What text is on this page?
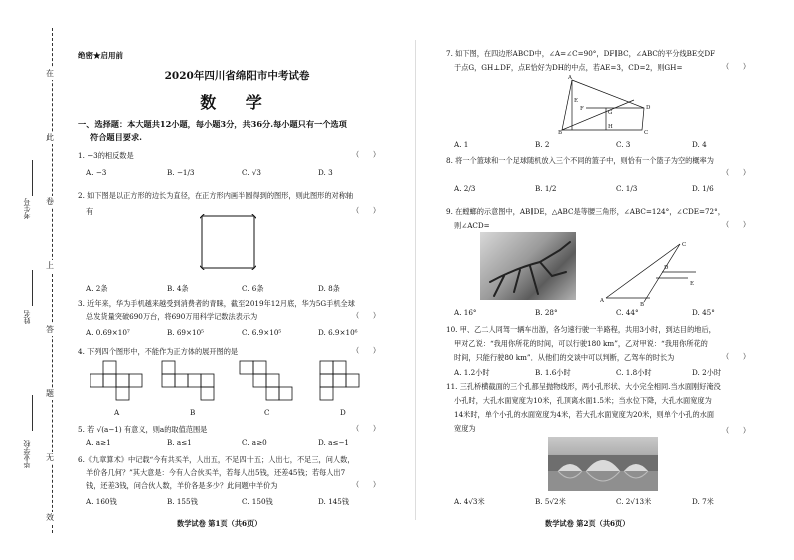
在
此
卷
上
答
题
无
效
考生号
姓名
毕业学校
绝密★启用前
2020年四川省绵阳市中考试卷
数 学
一、选择题：本大题共12小题，每小题3分，共36分.每小题只有一个选项
符合题目要求.
1. −3的相反数是	（      ）
A. −3	B. −1/3	C. √3	D. 3
2. 如下图是以正方形的边长为直径，在正方形内画半圆得到的图形，则此图形的对称轴
有	（      ）
A. 2条	B. 4条	C. 6条	D. 8条
3. 近年来，华为手机越来越受到消费者的青睐，截至2019年12月底，华为5G手机全球
总发货量突破690万台，将690万用科学记数法表示为	（      ）
A. 0.69×10⁷	B. 69×10⁵	C. 6.9×10⁵	D. 6.9×10⁶
4. 下列四个图形中，不能作为正方体的展开图的是	（      ）
A	B	C	D
5. 若 √(a−1) 有意义，则a的取值范围是	（      ）
A. a≥1	B. a≤1	C. a≥0	D. a≤−1
6.《九章算术》中记载“今有共买羊，人出五，不足四十五；人出七，不足三，问人数，
羊价各几何？”其大意是：今有人合伙买羊，若每人出5钱，还差45钱；若每人出7
钱，还差3钱，问合伙人数，羊价各是多少？此问题中羊价为	（      ）
A. 160钱	B. 155钱	C. 150钱	D. 145钱
数学试卷 第1页（共6页）
7. 如下图，在四边形ABCD中，∠A=∠C=90°，DF∥BC，∠ABC的平分线BE交DF
于点G，GH⊥DF，点E恰好为DH的中点，若AE=3，CD=2，则GH=	（      ）
A
B	C
D
E
F
G
H
A. 1	B. 2	C. 3	D. 4
8. 将一个篮球和一个足球随机放入三个不同的篮子中，则恰有一个篮子为空的概率为
（      ）
A. 2/3	B. 1/2	C. 1/3	D. 1/6
9. 在螳螂的示意图中，AB∥DE，△ABC是等腰三角形，∠ABC=124°，∠CDE=72°，
则∠ACD=	（      ）
A
B
C
D
E
A. 16°	B. 28°	C. 44°	D. 45°
10. 甲、乙二人同驾一辆车出游，各匀速行驶一半路程，共用3小时，到达目的地后，
甲对乙说：“我用你所花的时间，可以行驶180 km”，乙对甲说：“我用你所花的
时间，只能行驶80 km”．从他们的交谈中可以判断，乙驾车的时长为	（      ）
A. 1.2小时	B. 1.6小时	C. 1.8小时	D. 2小时
11. 三孔桥横截面的三个孔都呈抛物线形，两小孔形状、大小完全相同.当水面刚好淹没
小孔时，大孔水面宽度为10米，孔顶离水面1.5米；当水位下降，大孔水面宽度为
14米时，单个小孔的水面宽度为4米，若大孔水面宽度为20米，则单个小孔的水面
宽度为	（      ）
A. 4√3米	B. 5√2米	C. 2√13米	D. 7米
数学试卷 第2页（共6页）
